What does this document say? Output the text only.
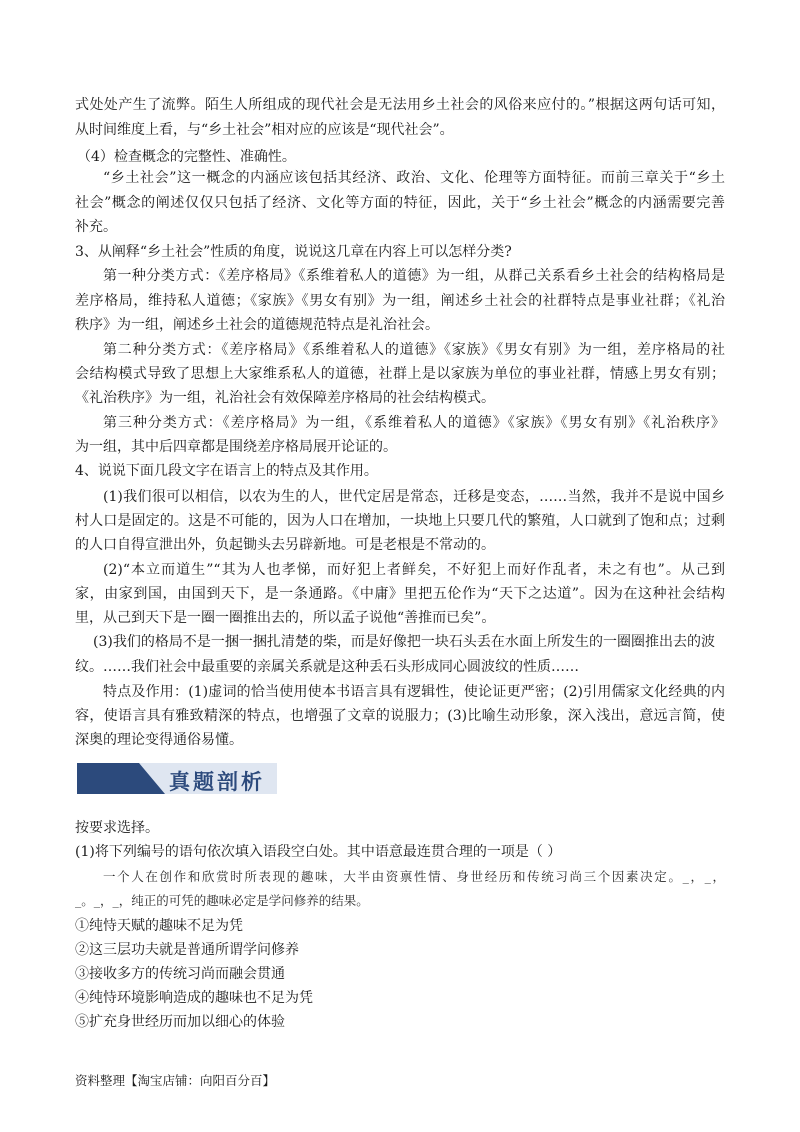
式处处产生了流弊。陌生人所组成的现代社会是无法用乡土社会的风俗来应付的。”根据这两句话可知，
从时间维度上看，与“乡土社会”相对应的应该是“现代社会”。
（4）检查概念的完整性、准确性。
“乡土社会”这一概念的内涵应该包括其经济、政治、文化、伦理等方面特征。而前三章关于“乡土
社会”概念的阐述仅仅只包括了经济、文化等方面的特征，因此，关于“乡土社会”概念的内涵需要完善
补充。
3、从阐释“乡土社会”性质的角度，说说这几章在内容上可以怎样分类?
第一种分类方式：《差序格局》《系维着私人的道德》为一组，从群己关系看乡土社会的结构格局是
差序格局，维持私人道德；《家族》《男女有别》为一组，阐述乡土社会的社群特点是事业社群；《礼治
秩序》为一组，阐述乡土社会的道德规范特点是礼治社会。
第二种分类方式：《差序格局》《系维着私人的道德》《家族》《男女有别》为一组，差序格局的社
会结构模式导致了思想上大家维系私人的道德，社群上是以家族为单位的事业社群，情感上男女有别；
《礼治秩序》为一组，礼治社会有效保障差序格局的社会结构模式。
第三种分类方式：《差序格局》为一组，《系维着私人的道德》《家族》《男女有别》《礼治秩序》
为一组，其中后四章都是围绕差序格局展开论证的。
4、说说下面几段文字在语言上的特点及其作用。
(1)我们很可以相信，以农为生的人，世代定居是常态，迁移是变态，……当然，我并不是说中国乡
村人口是固定的。这是不可能的，因为人口在增加，一块地上只要几代的繁殖，人口就到了饱和点；过剩
的人口自得宣泄出外，负起锄头去另辟新地。可是老根是不常动的。
(2)“本立而道生”“其为人也孝悌，而好犯上者鲜矣，不好犯上而好作乱者，未之有也”。从己到
家，由家到国，由国到天下，是一条通路。《中庸》里把五伦作为“天下之达道”。因为在这种社会结构
里，从己到天下是一圈一圈推出去的，所以孟子说他“善推而已矣”。
(3)我们的格局不是一捆一捆扎清楚的柴，而是好像把一块石头丢在水面上所发生的一圈圈推出去的波
纹。……我们社会中最重要的亲属关系就是这种丢石头形成同心圆波纹的性质……
特点及作用：(1)虚词的恰当使用使本书语言具有逻辑性，使论证更严密；(2)引用儒家文化经典的内
容，使语言具有雅致精深的特点，也增强了文章的说服力；(3)比喻生动形象，深入浅出，意远言简，使
深奥的理论变得通俗易懂。
真题剖析
按要求选择。
(1)将下列编号的语句依次填入语段空白处。其中语意最连贯合理的一项是（ ）
一个人在创作和欣赏时所表现的趣味，大半由资禀性情、身世经历和传统习尚三个因素决定。_，_，
_。_，_，纯正的可凭的趣味必定是学问修养的结果。
①纯恃天赋的趣味不足为凭
②这三层功夫就是普通所谓学问修养
③接收多方的传统习尚而融会贯通
④纯恃环境影响造成的趣味也不足为凭
⑤扩充身世经历而加以细心的体验
资料整理【淘宝店铺：向阳百分百】
